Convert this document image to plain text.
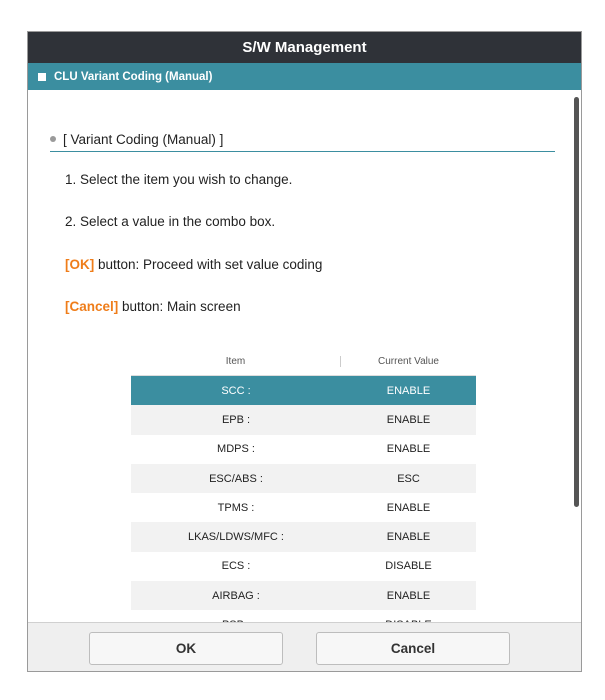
S/W Management
CLU Variant Coding (Manual)
[ Variant Coding (Manual) ]
1. Select the item you wish to change.
2. Select a value in the combo box.
[OK] button: Proceed with set value coding
[Cancel] button: Main screen
Item	Current Value
SCC :	ENABLE
EPB :	ENABLE
MDPS :	ENABLE
ESC/ABS :	ESC
TPMS :	ENABLE
LKAS/LDWS/MFC :	ENABLE
ECS :	DISABLE
AIRBAG :	ENABLE
OK	Cancel
